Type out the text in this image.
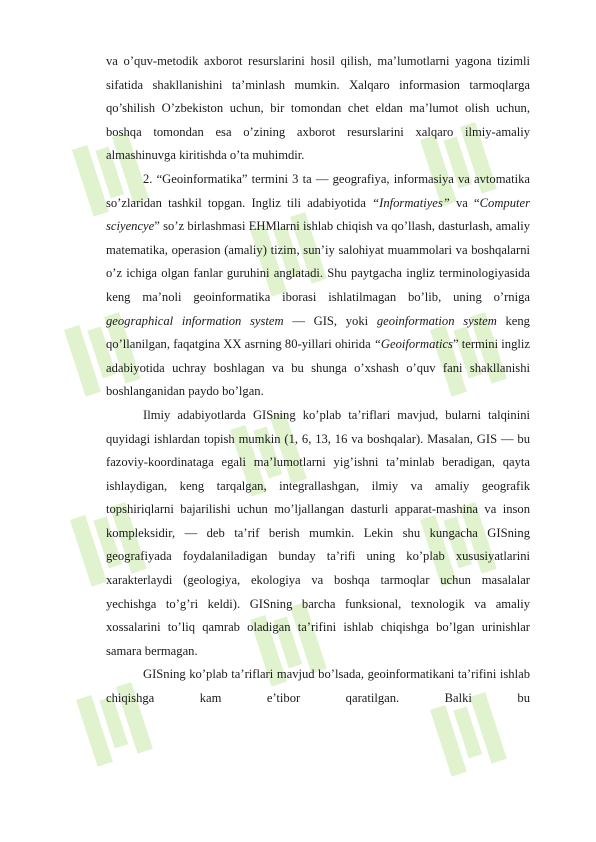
va o’quv-metodik axborot resurslarini hosil qilish, ma’lumotlarni yagona tizimli sifatida shakllanishini ta’minlash mumkin. Xalqaro informasion tarmoqlarga qo’shilish O’zbekiston uchun, bir tomondan chet eldan ma’lumot olish uchun, boshqa tomondan esa o’zining axborot resurslarini xalqaro ilmiy-amaliy almashinuvga kiritishda o’ta muhimdir.

2. “Geoinformatika” termini 3 ta — geografiya, informasiya va avtomatika so’zlaridan tashkil topgan. Ingliz tili adabiyotida “Informatiyes” va “Computer sciyencye” so’z birlashmasi EHMlarni ishlab chiqish va qo’llash, dasturlash, amaliy matematika, operasion (amaliy) tizim, sun’iy salohiyat muammolari va boshqalarni o’z ichiga olgan fanlar guruhini anglatadi. Shu paytgacha ingliz terminologiyasida keng ma’noli geoinformatika iborasi ishlatilmagan bo’lib, uning o’rniga geographical information system — GIS, yoki geoinformation system keng qo’llanilgan, faqatgina XX asrning 80-yillari ohirida “Geoiformatics” termini ingliz adabiyotida uchray boshlagan va bu shunga o’xshash o’quv fani shakllanishi boshlanganidan paydo bo’lgan.

Ilmiy adabiyotlarda GISning ko’plab ta’riflari mavjud, bularni talqinini quyidagi ishlardan topish mumkin (1, 6, 13, 16 va boshqalar). Masalan, GIS — bu fazoviy-koordinataga egali ma’lumotlarni yig’ishni ta’minlab beradigan, qayta ishlaydigan, keng tarqalgan, integrallashgan, ilmiy va amaliy geografik topshiriqlarni bajarilishi uchun mo’ljallangan dasturli apparat-mashina va inson kompleksidir, — deb ta’rif berish mumkin. Lekin shu kungacha GISning geografiyada foydalaniladigan bunday ta’rifi uning ko’plab xususiyatlarini xarakterlaydi (geologiya, ekologiya va boshqa tarmoqlar uchun masalalar yechishga to’g’ri keldi). GISning barcha funksional, texnologik va amaliy xossalarini to’liq qamrab oladigan ta’rifini ishlab chiqishga bo’lgan urinishlar samara bermagan.

GISning ko’plab ta’riflari mavjud bo’lsada, geoinformatikani ta’rifini ishlab chiqishga kam e’tibor qaratilgan. Balki bu
